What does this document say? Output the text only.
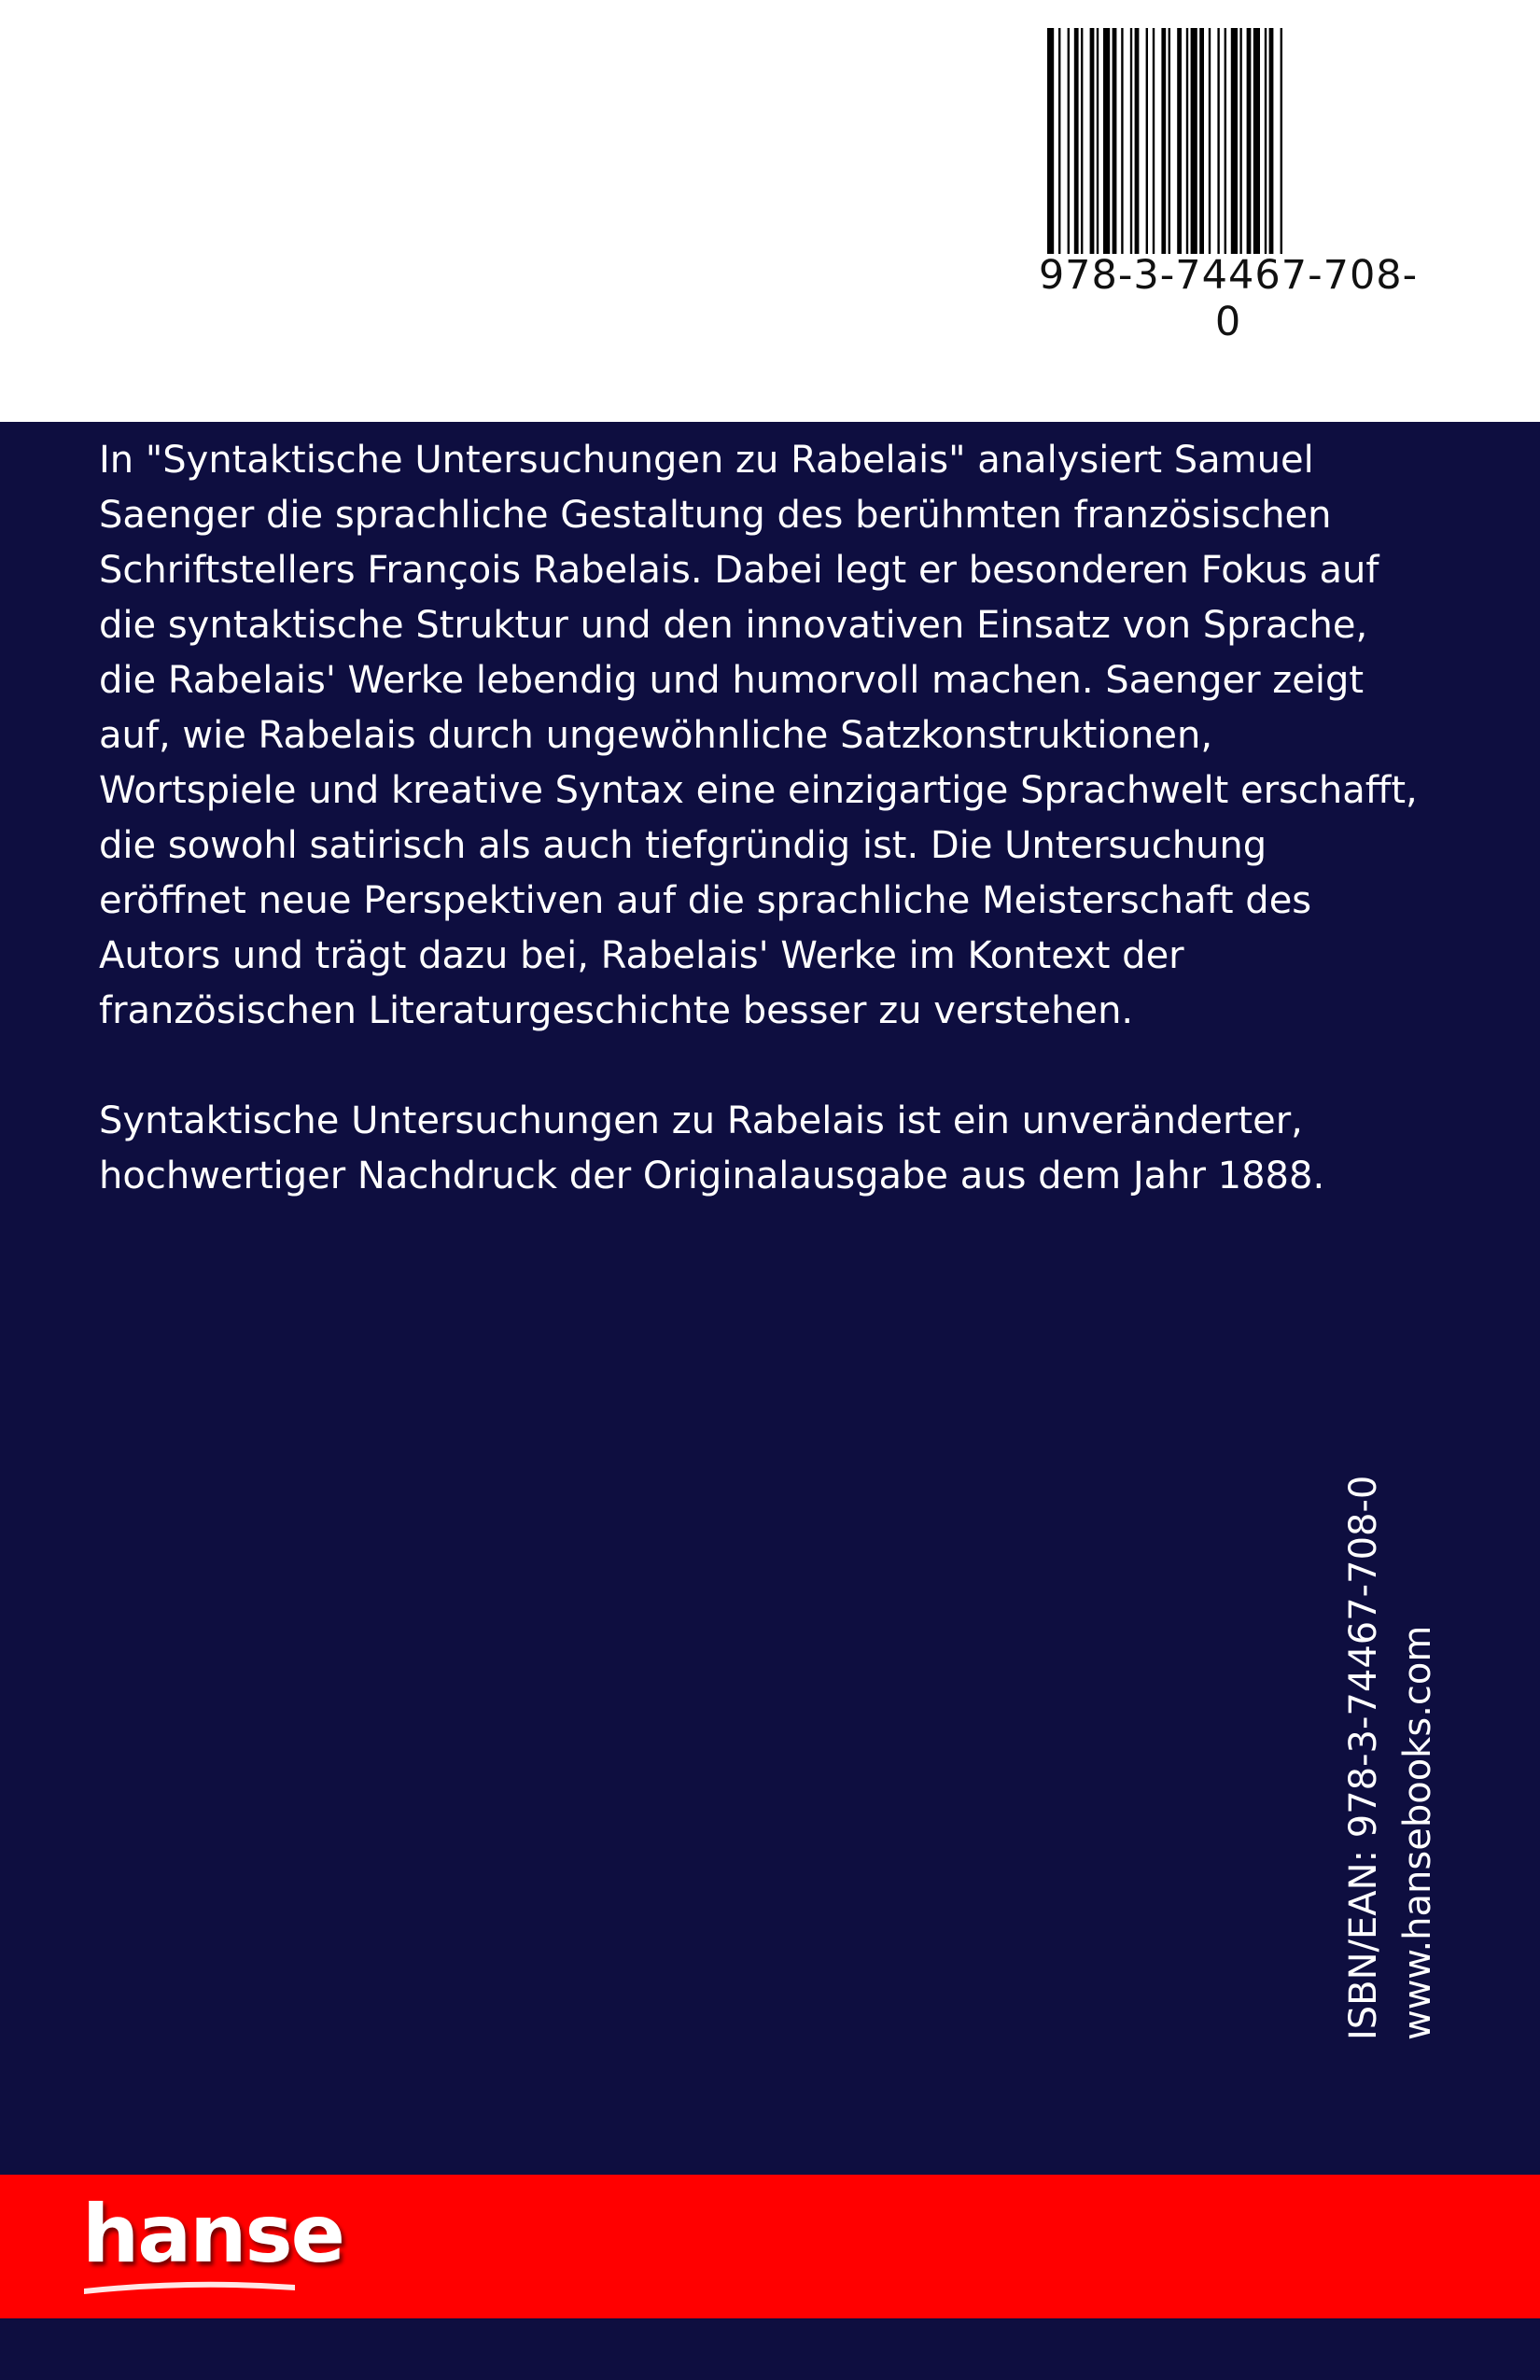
978-3-74467-708-0

In "Syntaktische Untersuchungen zu Rabelais" analysiert Samuel
Saenger die sprachliche Gestaltung des berühmten französischen
Schriftstellers François Rabelais. Dabei legt er besonderen Fokus auf
die syntaktische Struktur und den innovativen Einsatz von Sprache,
die Rabelais' Werke lebendig und humorvoll machen. Saenger zeigt
auf, wie Rabelais durch ungewöhnliche Satzkonstruktionen,
Wortspiele und kreative Syntax eine einzigartige Sprachwelt erschafft,
die sowohl satirisch als auch tiefgründig ist. Die Untersuchung
eröffnet neue Perspektiven auf die sprachliche Meisterschaft des
Autors und trägt dazu bei, Rabelais' Werke im Kontext der
französischen Literaturgeschichte besser zu verstehen.

Syntaktische Untersuchungen zu Rabelais ist ein unveränderter,
hochwertiger Nachdruck der Originalausgabe aus dem Jahr 1888.

ISBN/EAN: 978-3-74467-708-0 www.hansebooks.com
hanse
